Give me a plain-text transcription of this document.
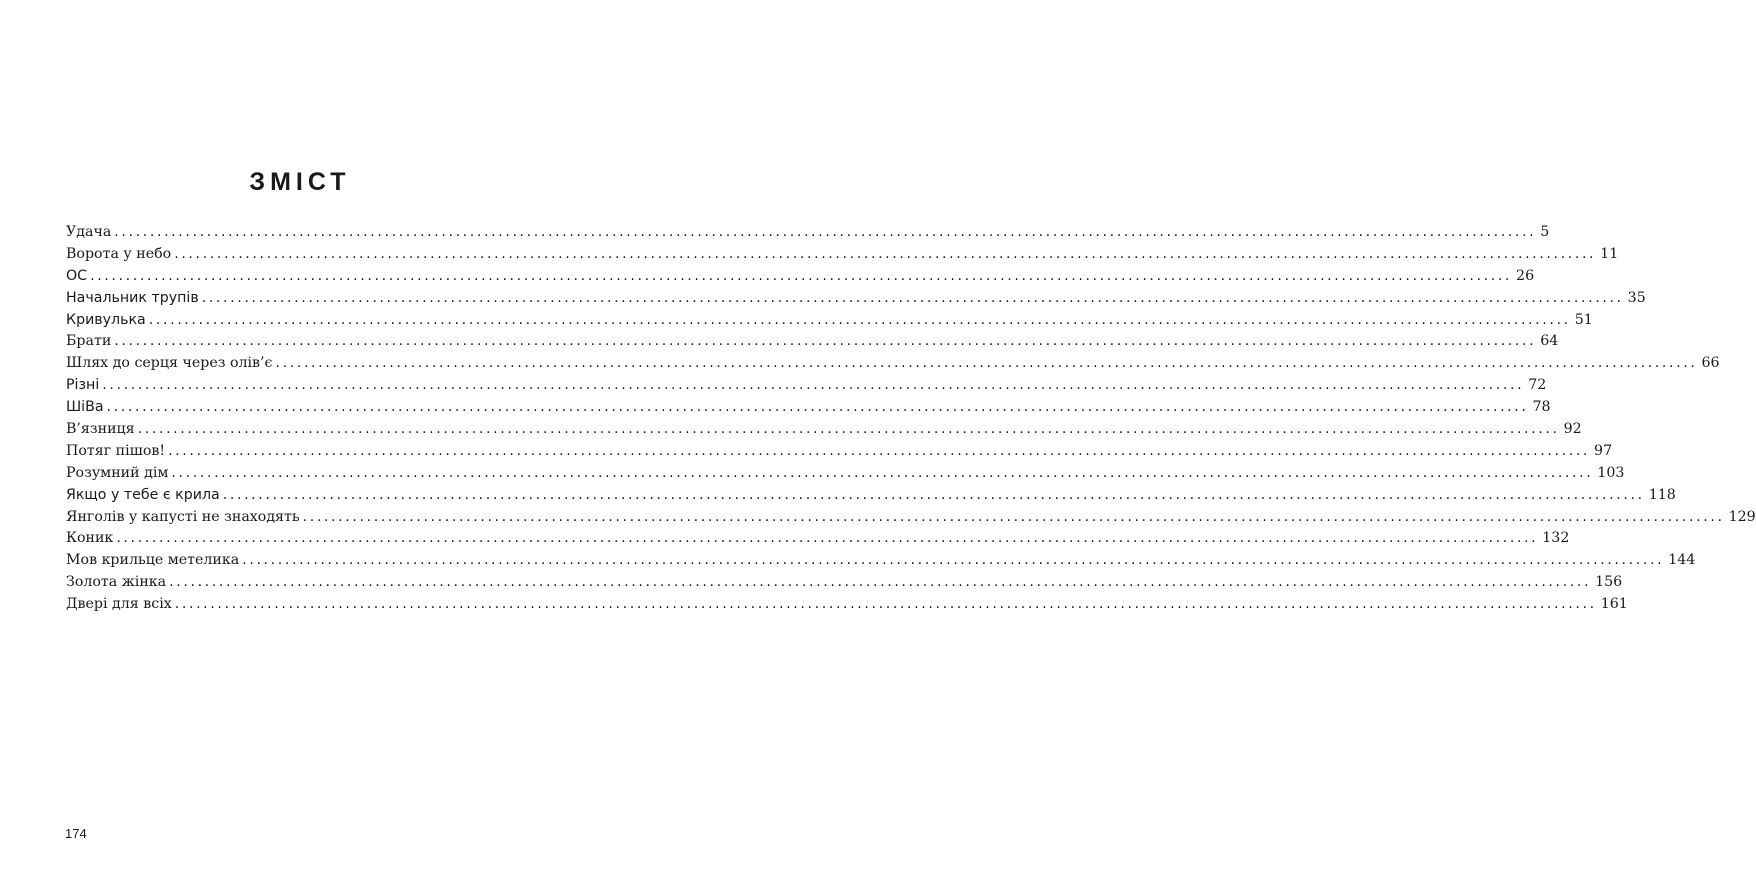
ЗМІСТ
Удача ........................................................................................................................................................................................................ 5
Ворота у небо ........................................................................................................................................................................................................ 11
ОС ........................................................................................................................................................................................................ 26
Начальник трупів ........................................................................................................................................................................................................ 35
Кривулька ........................................................................................................................................................................................................ 51
Брати ........................................................................................................................................................................................................ 64
Шлях до серця через олів’є ........................................................................................................................................................................................................ 66
Різні ........................................................................................................................................................................................................ 72
ШіВа ........................................................................................................................................................................................................ 78
В’язниця ........................................................................................................................................................................................................ 92
Потяг пішов! ........................................................................................................................................................................................................ 97
Розумний дім ........................................................................................................................................................................................................ 103
Якщо у тебе є крила ........................................................................................................................................................................................................ 118
Янголів у капусті не знаходять ........................................................................................................................................................................................................ 129
Коник ........................................................................................................................................................................................................ 132
Мов крильце метелика ........................................................................................................................................................................................................ 144
Золота жінка ........................................................................................................................................................................................................ 156
Двері для всіх ........................................................................................................................................................................................................ 161
174
